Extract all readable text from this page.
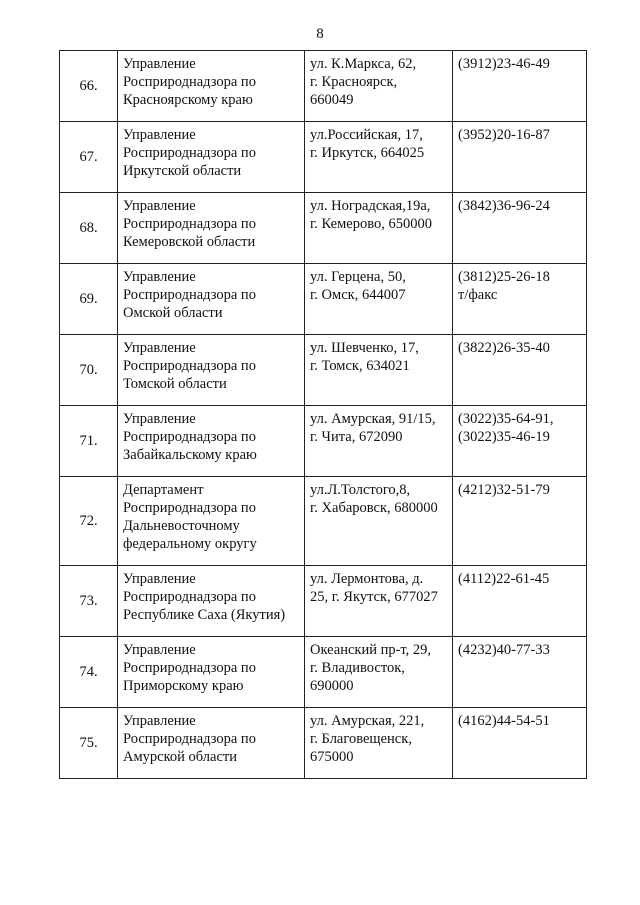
8
66.	Управление
Росприроднадзора по
Красноярскому краю	ул. К.Маркса, 62,
г. Красноярск,
660049	(3912)23-46-49

67.	Управление
Росприроднадзора по
Иркутской области	ул.Российская, 17,
г. Иркутск, 664025	(3952)20-16-87

68.	Управление
Росприроднадзора по
Кемеровской области	ул. Ноградская,19а,
г. Кемерово, 650000	(3842)36-96-24

69.	Управление
Росприроднадзора по
Омской области	ул. Герцена, 50,
г. Омск, 644007	(3812)25-26-18
т/факс

70.	Управление
Росприроднадзора по
Томской области	ул. Шевченко, 17,
г. Томск, 634021	(3822)26-35-40

71.	Управление
Росприроднадзора по
Забайкальскому краю	ул. Амурская, 91/15,
г. Чита, 672090	(3022)35-64-91,
(3022)35-46-19

72.	Департамент
Росприроднадзора по
Дальневосточному
федеральному округу	ул.Л.Толстого,8,
г. Хабаровск, 680000	(4212)32-51-79

73.	Управление
Росприроднадзора по
Республике Саха (Якутия)	ул. Лермонтова, д.
25, г. Якутск, 677027	(4112)22-61-45

74.	Управление
Росприроднадзора по
Приморскому краю	Океанский пр-т, 29,
г. Владивосток,
690000	(4232)40-77-33

75.	Управление
Росприроднадзора по
Амурской области	ул. Амурская, 221,
г. Благовещенск,
675000	(4162)44-54-51
